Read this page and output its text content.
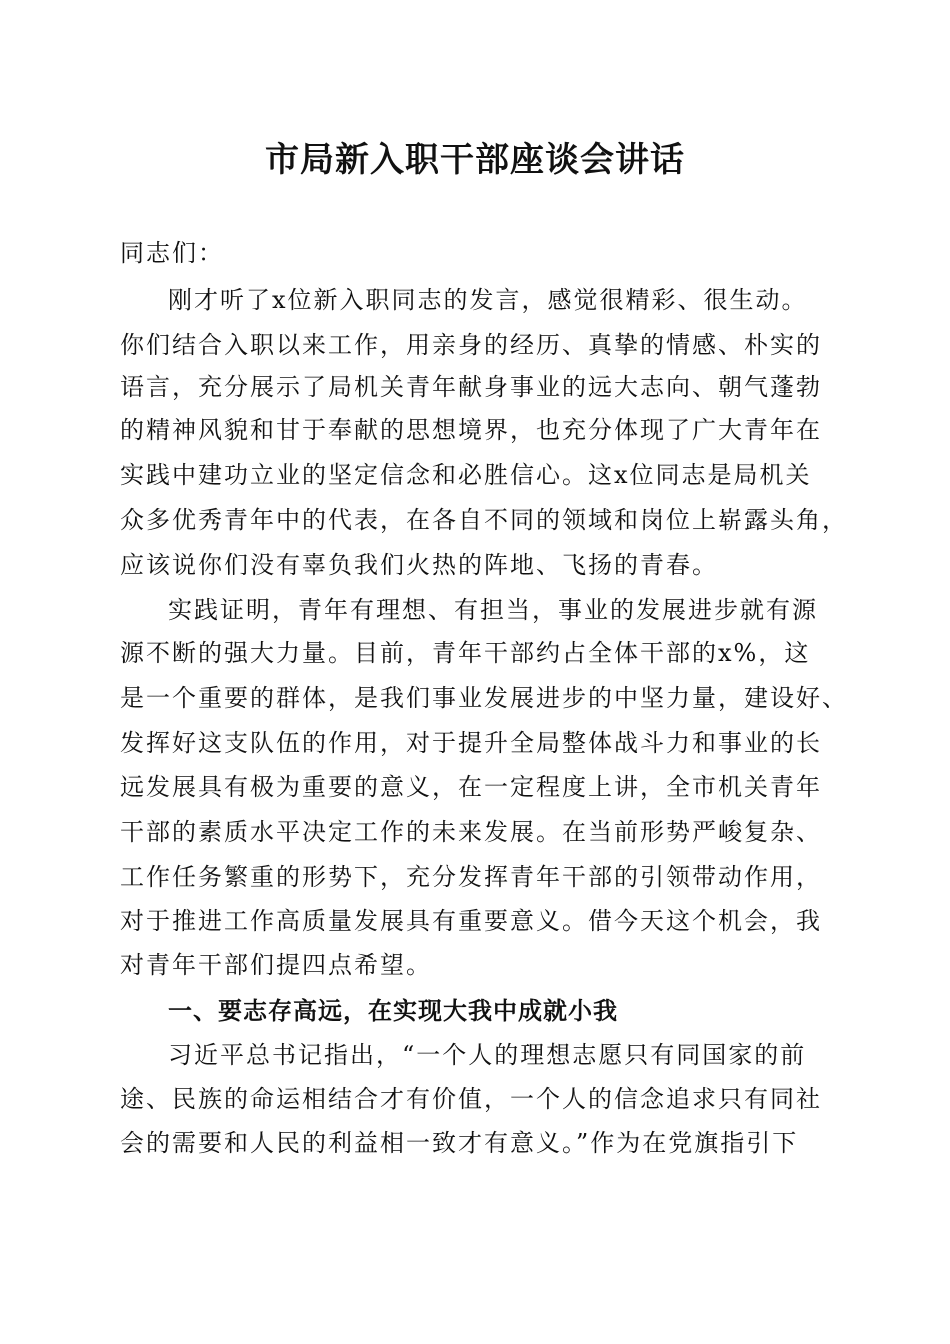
市局新入职干部座谈会讲话
同志们：
刚才听了x位新入职同志的发言，感觉很精彩、很生动。
你们结合入职以来工作，用亲身的经历、真挚的情感、朴实的
语言，充分展示了局机关青年献身事业的远大志向、朝气蓬勃
的精神风貌和甘于奉献的思想境界，也充分体现了广大青年在
实践中建功立业的坚定信念和必胜信心。这x位同志是局机关
众多优秀青年中的代表，在各自不同的领域和岗位上崭露头角，
应该说你们没有辜负我们火热的阵地、飞扬的青春。
实践证明，青年有理想、有担当，事业的发展进步就有源
源不断的强大力量。目前，青年干部约占全体干部的x%，这
是一个重要的群体，是我们事业发展进步的中坚力量，建设好、
发挥好这支队伍的作用，对于提升全局整体战斗力和事业的长
远发展具有极为重要的意义，在一定程度上讲，全市机关青年
干部的素质水平决定工作的未来发展。在当前形势严峻复杂、
工作任务繁重的形势下，充分发挥青年干部的引领带动作用，
对于推进工作高质量发展具有重要意义。借今天这个机会，我
对青年干部们提四点希望。
一、要志存高远，在实现大我中成就小我
习近平总书记指出，“一个人的理想志愿只有同国家的前
途、民族的命运相结合才有价值，一个人的信念追求只有同社
会的需要和人民的利益相一致才有意义。”作为在党旗指引下
